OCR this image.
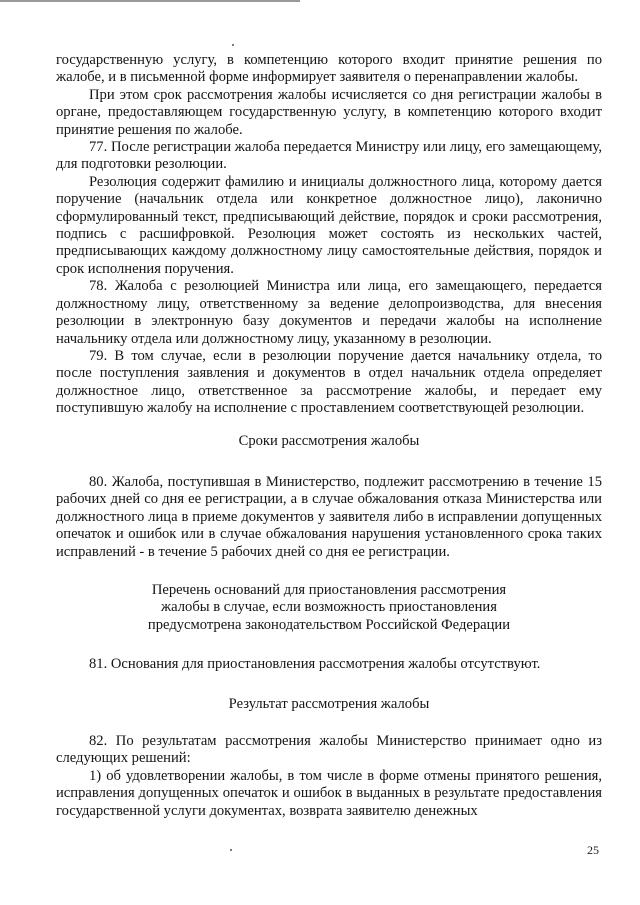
государственную услугу, в компетенцию которого входит принятие решения по жалобе, и в письменной форме информирует заявителя о перенаправлении жалобы.

При этом срок рассмотрения жалобы исчисляется со дня регистрации жалобы в органе, предоставляющем государственную услугу, в компетенцию которого входит принятие решения по жалобе.

77. После регистрации жалоба передается Министру или лицу, его замещающему, для подготовки резолюции.

Резолюция содержит фамилию и инициалы должностного лица, которому дается поручение (начальник отдела или конкретное должностное лицо), лаконично сформулированный текст, предписывающий действие, порядок и сроки рассмотрения, подпись с расшифровкой. Резолюция может состоять из нескольких частей, предписывающих каждому должностному лицу самостоятельные действия, порядок и срок исполнения поручения.

78. Жалоба с резолюцией Министра или лица, его замещающего, передается должностному лицу, ответственному за ведение делопроизводства, для внесения резолюции в электронную базу документов и передачи жалобы на исполнение начальнику отдела или должностному лицу, указанному в резолюции.

79. В том случае, если в резолюции поручение дается начальнику отдела, то после поступления заявления и документов в отдел начальник отдела определяет должностное лицо, ответственное за рассмотрение жалобы, и передает ему поступившую жалобу на исполнение с проставлением соответствующей резолюции.

Сроки рассмотрения жалобы

80. Жалоба, поступившая в Министерство, подлежит рассмотрению в течение 15 рабочих дней со дня ее регистрации, а в случае обжалования отказа Министерства или должностного лица в приеме документов у заявителя либо в исправлении допущенных опечаток и ошибок или в случае обжалования нарушения установленного срока таких исправлений - в течение 5 рабочих дней со дня ее регистрации.

Перечень оснований для приостановления рассмотрения

жалобы в случае, если возможность приостановления

предусмотрена законодательством Российской Федерации

81. Основания для приостановления рассмотрения жалобы отсутствуют.

Результат рассмотрения жалобы

82. По результатам рассмотрения жалобы Министерство принимает одно из следующих решений:

1) об удовлетворении жалобы, в том числе в форме отмены принятого решения, исправления допущенных опечаток и ошибок в выданных в результате предоставления государственной услуги документах, возврата заявителю денежных

25
